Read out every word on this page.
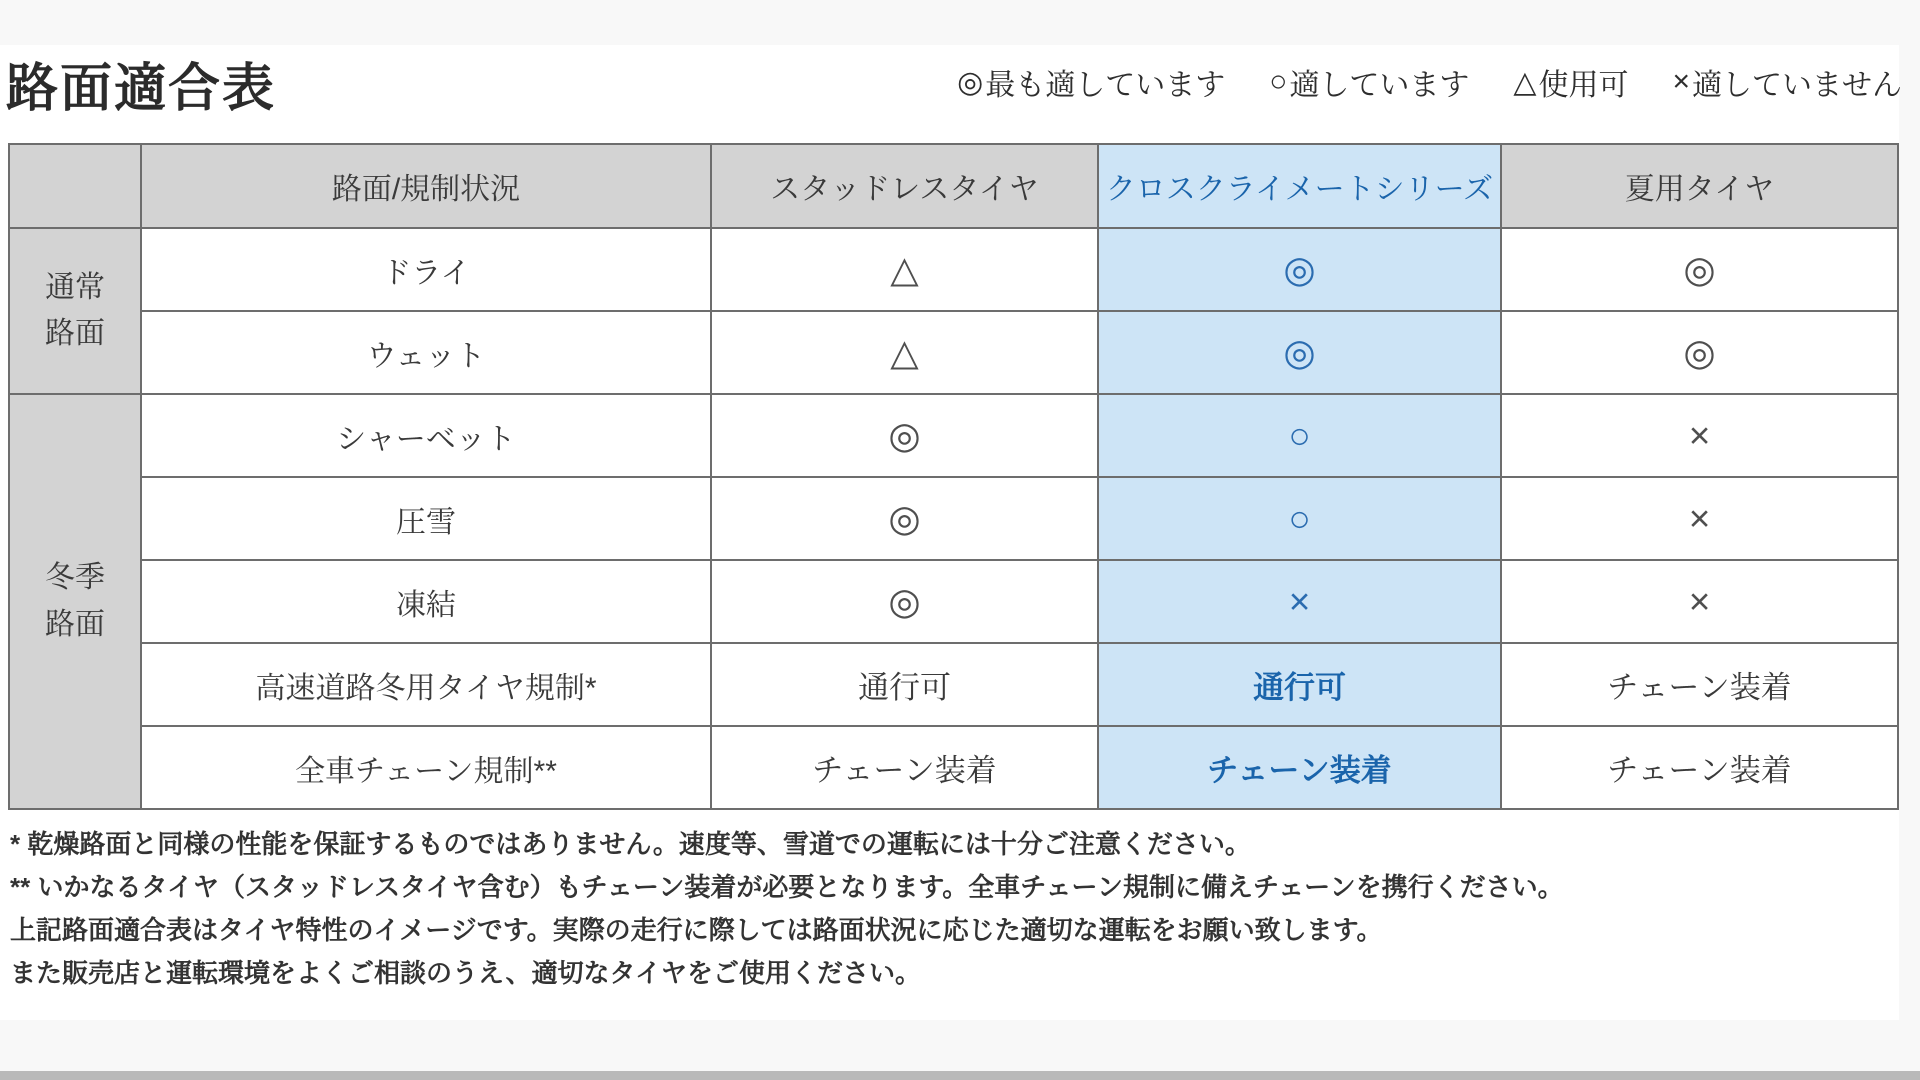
路面適合表	◎ 最も適しています ○ 適しています △ 使用可 × 適していません
	路面/規制状況	スタッドレスタイヤ	クロスクライメートシリーズ	夏用タイヤ
通常路面	ドライ	△	◎	◎
	ウェット	△	◎	◎
冬季路面	シャーベット	◎	○	×
	圧雪	◎	○	×
	凍結	◎	×	×
	高速道路冬用タイヤ規制*	通行可	通行可	チェーン装着
	全車チェーン規制**	チェーン装着	チェーン装着	チェーン装着

* 乾燥路面と同様の性能を保証するものではありません。速度等、雪道での運転には十分ご注意ください。

** いかなるタイヤ（スタッドレスタイヤ含む）もチェーン装着が必要となります。全車チェーン規制に備えチェーンを携行ください。

上記路面適合表はタイヤ特性のイメージです。実際の走行に際しては路面状況に応じた適切な運転をお願い致します。

また販売店と運転環境をよくご相談のうえ、適切なタイヤをご使用ください。
